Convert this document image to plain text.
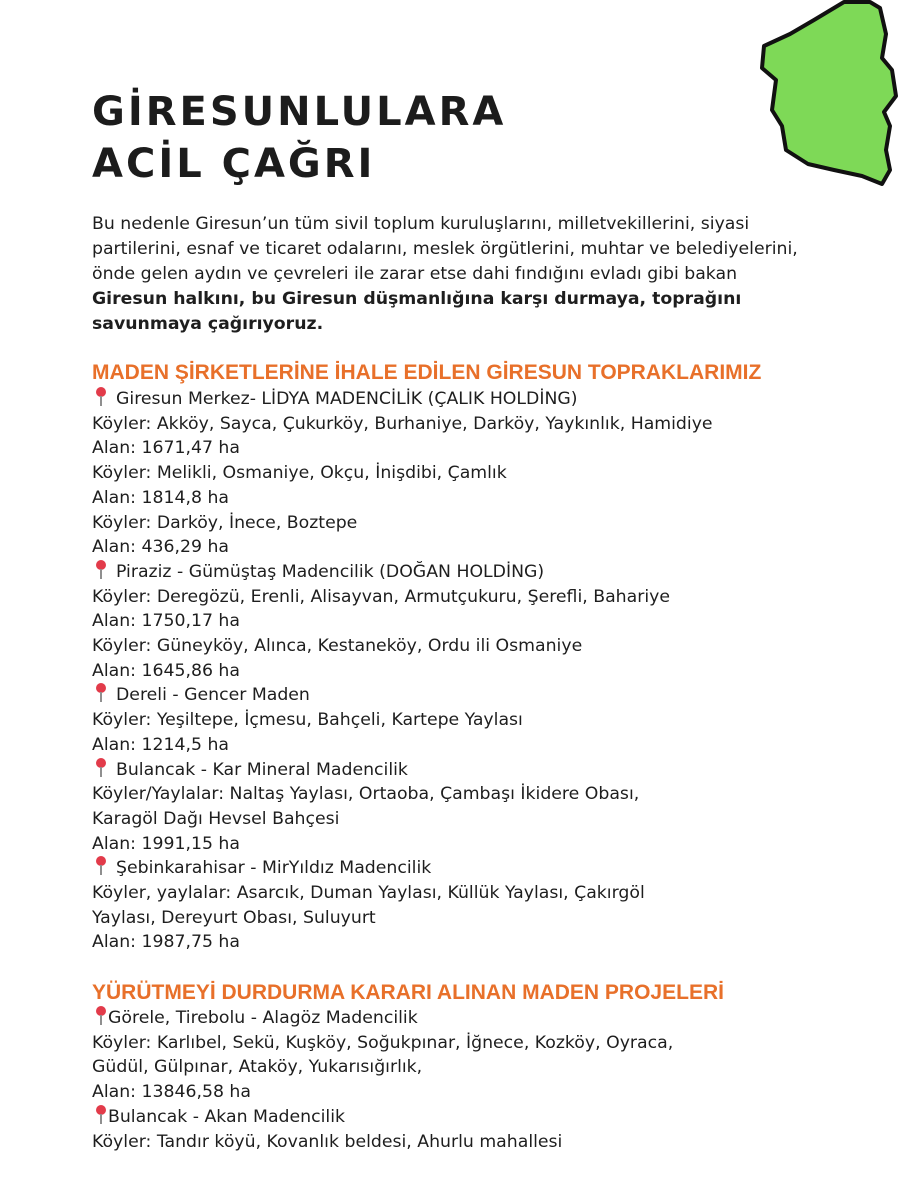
GİRESUNLULARA
ACİL ÇAĞRI

Bu nedenle Giresun’un tüm sivil toplum kuruluşlarını, milletvekillerini, siyasi partilerini, esnaf ve ticaret odalarını, meslek örgütlerini, muhtar ve belediyelerini, önde gelen aydın ve çevreleri ile zarar etse dahi fındığını evladı gibi bakan Giresun halkını, bu Giresun düşmanlığına karşı durmaya, toprağını savunmaya çağırıyoruz.

MADEN ŞİRKETLERİNE İHALE EDİLEN GİRESUN TOPRAKLARIMIZ
Giresun Merkez- LİDYA MADENCİLİK (ÇALIK HOLDİNG)
Köyler: Akköy, Sayca, Çukurköy, Burhaniye, Darköy, Yaykınlık, Hamidiye
Alan: 1671,47 ha
Köyler: Melikli, Osmaniye, Okçu, İnişdibi, Çamlık
Alan: 1814,8 ha
Köyler: Darköy, İnece, Boztepe
Alan: 436,29 ha
Piraziz - Gümüştaş Madencilik (DOĞAN HOLDİNG)
Köyler: Deregözü, Erenli, Alisayvan, Armutçukuru, Şerefli, Bahariye
Alan: 1750,17 ha
Köyler: Güneyköy, Alınca, Kestaneköy, Ordu ili Osmaniye
Alan: 1645,86 ha
Dereli - Gencer Maden
Köyler: Yeşiltepe, İçmesu, Bahçeli, Kartepe Yaylası
Alan: 1214,5 ha
Bulancak - Kar Mineral Madencilik
Köyler/Yaylalar: Naltaş Yaylası, Ortaoba, Çambaşı İkidere Obası,
Karagöl Dağı Hevsel Bahçesi
Alan: 1991,15 ha
Şebinkarahisar - MirYıldız Madencilik
Köyler, yaylalar: Asarcık, Duman Yaylası, Küllük Yaylası, Çakırgöl
Yaylası, Dereyurt Obası, Suluyurt
Alan: 1987,75 ha
YÜRÜTMEYİ DURDURMA KARARI ALINAN MADEN PROJELERİ
Görele, Tirebolu - Alagöz Madencilik
Köyler: Karlıbel, Sekü, Kuşköy, Soğukpınar, İğnece, Kozköy, Oyraca,
Güdül, Gülpınar, Ataköy, Yukarısığırlık,
Alan: 13846,58 ha
Bulancak - Akan Madencilik
Köyler: Tandır köyü, Kovanlık beldesi, Ahurlu mahallesi
